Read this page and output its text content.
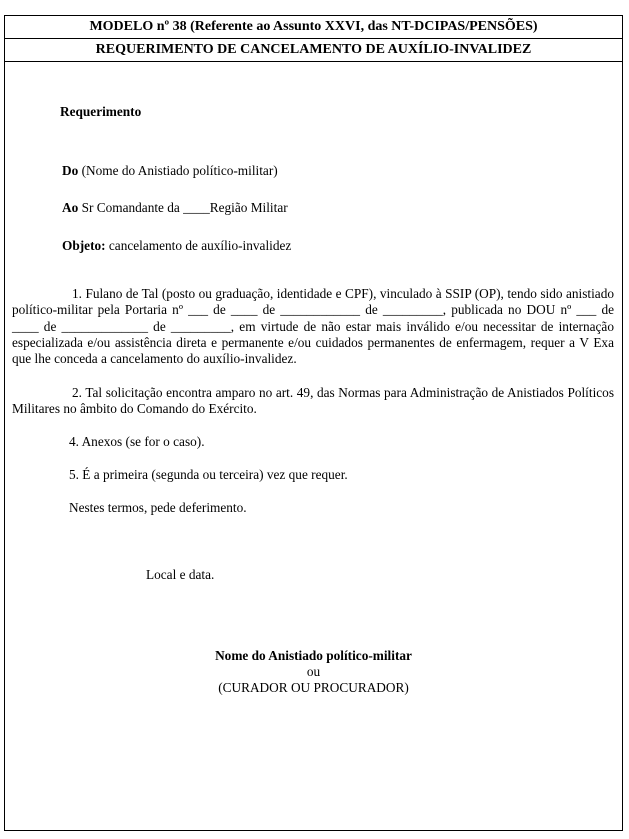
MODELO nº 38 (Referente ao Assunto XXVI, das NT-DCIPAS/PENSÕES)
REQUERIMENTO DE CANCELAMENTO DE AUXÍLIO-INVALIDEZ
Requerimento
Do (Nome do Anistiado político-militar)
Ao Sr Comandante da ____Região Militar
Objeto: cancelamento de auxílio-invalidez
1. Fulano de Tal (posto ou graduação, identidade e CPF), vinculado à SSIP (OP), tendo sido anistiado político-militar pela Portaria nº ___ de ____ de ____________ de _________, publicada no DOU nº ___ de ____ de _____________ de _________, em virtude de não estar mais inválido e/ou necessitar de internação especializada e/ou assistência direta e permanente e/ou cuidados permanentes de enfermagem, requer a V Exa que lhe conceda a cancelamento do auxílio-invalidez.
2. Tal solicitação encontra amparo no art. 49, das Normas para Administração de Anistiados Políticos Militares no âmbito do Comando do Exército.
4. Anexos (se for o caso).
5. É a primeira (segunda ou terceira) vez que requer.
Nestes termos, pede deferimento.
Local e data.
Nome do Anistiado político-militar
ou
(CURADOR OU PROCURADOR)
